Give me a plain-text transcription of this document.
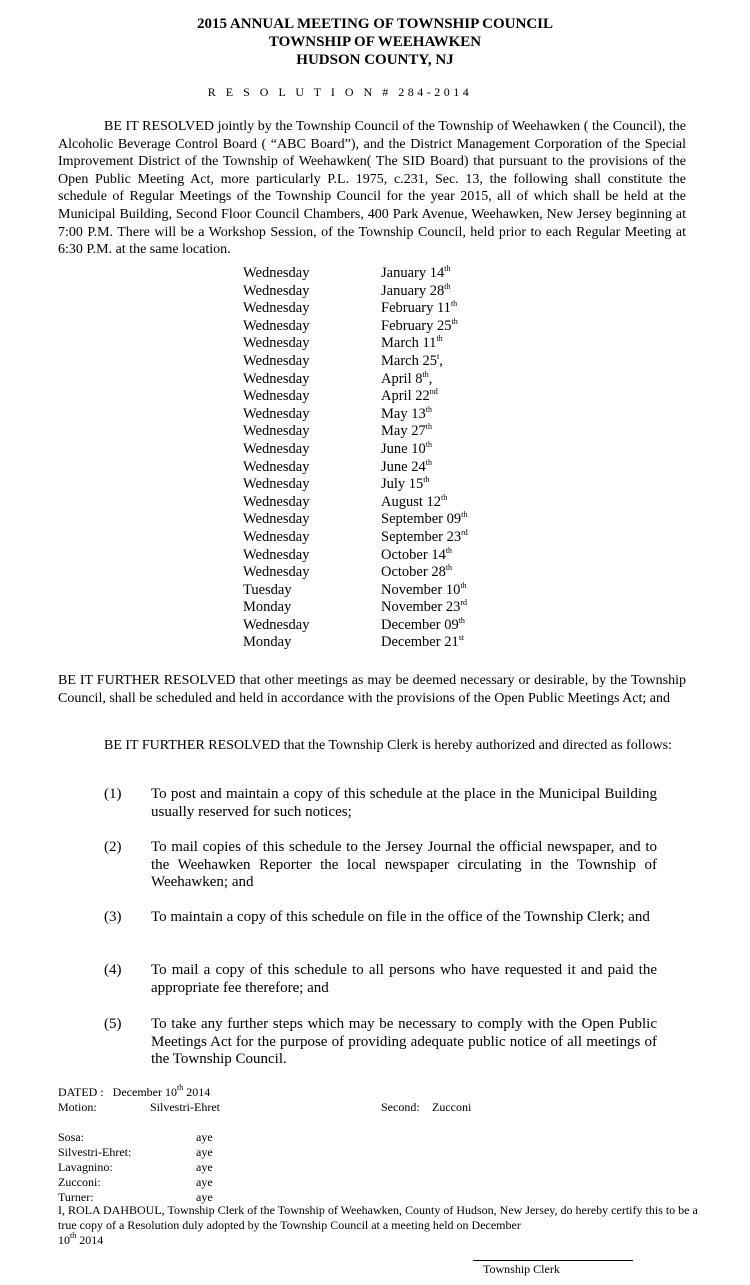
2015 ANNUAL MEETING OF TOWNSHIP COUNCIL
TOWNSHIP OF WEEHAWKEN
HUDSON COUNTY, NJ
R E S O L U T I O N # 284-2014
BE IT RESOLVED jointly by the Township Council of the Township of Weehawken ( the Council), the Alcoholic Beverage Control Board ( “ABC Board”), and the District Management Corporation of the Special Improvement District of the Township of Weehawken( The SID Board) that pursuant to the provisions of the Open Public Meeting Act, more particularly P.L. 1975, c.231, Sec. 13, the following shall constitute the schedule of Regular Meetings of the Township Council for the year 2015, all of which shall be held at the Municipal Building, Second Floor Council Chambers, 400 Park Avenue, Weehawken, New Jersey beginning at 7:00 P.M. There will be a Workshop Session, of the Township Council, held prior to each Regular Meeting at 6:30 P.M. at the same location.
Wednesday	January 14th
Wednesday	January 28th
Wednesday	February 11th
Wednesday	February 25th
Wednesday	March 11th
Wednesday	March 25$^t$,
Wednesday	April 8th,
Wednesday	April 22nd
Wednesday	May 13th
Wednesday	May 27th
Wednesday	June 10th
Wednesday	June 24th
Wednesday	July 15th
Wednesday	August 12th
Wednesday	September 09th
Wednesday	September 23rd
Wednesday	October 14th
Wednesday	October 28th
Tuesday	November 10th
Monday	November 23rd
Wednesday	December 09th
Monday	December 21st
BE IT FURTHER RESOLVED that other meetings as may be deemed necessary or desirable, by the Township Council, shall be scheduled and held in accordance with the provisions of the Open Public Meetings Act; and
BE IT FURTHER RESOLVED that the Township Clerk is hereby authorized and directed as follows:
(1) To post and maintain a copy of this schedule at the place in the Municipal Building usually reserved for such notices;
(2) To mail copies of this schedule to the Jersey Journal the official newspaper, and to the Weehawken Reporter the local newspaper circulating in the Township of Weehawken; and
(3) To maintain a copy of this schedule on file in the office of the Township Clerk; and
(4) To mail a copy of this schedule to all persons who have requested it and paid the appropriate fee therefore; and
(5) To take any further steps which may be necessary to comply with the Open Public Meetings Act for the purpose of providing adequate public notice of all meetings of the Township Council.
DATED : December 10th 2014
Motion:	Silvestri-Ehret	Second: Zucconi
Sosa:	aye
Silvestri-Ehret:	aye
Lavagnino:	aye
Zucconi:	aye
Turner:	aye
I, ROLA DAHBOUL, Township Clerk of the Township of Weehawken, County of Hudson, New Jersey, do hereby certify this to be a true copy of a Resolution duly adopted by the Township Council at a meeting held on December
10th 2014
Township Clerk
